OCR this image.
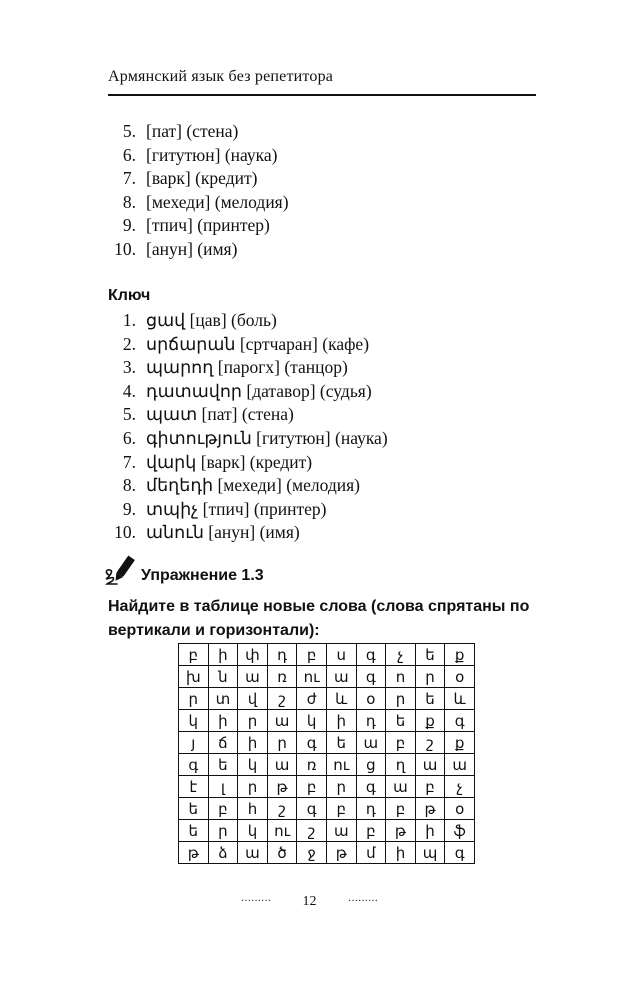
Армянский язык без репетитора
5. [пат] (стена)
6. [гитутюн] (наука)
7. [варк] (кредит)
8. [мехеди] (мелодия)
9. [тпич] (принтер)
10. [анун] (имя)
Ключ
1. ցավ [цав] (боль)
2. սրճարան [сртчаран] (кафе)
3. պարող [парогх] (танцор)
4. դատավոր [датавор] (судья)
5. պատ [пат] (стена)
6. գիտություն [гитутюн] (наука)
7. վարկ [варк] (кредит)
8. մեղեդի [мехеди] (мелодия)
9. տպիչ [тпич] (принтер)
10. անուն [анун] (имя)
Упражнение 1.3
Найдите в таблице новые слова (слова спрятаны по вертикали и горизонтали):
բ	ի	փ	դ	բ	ս	գ	չ	ե	ք
խ	ն	ա	ռ	ու	ա	գ	ո	ր	օ
ր	տ	վ	շ	ժ	և	օ	ր	ե	և
կ	ի	ր	ա	կ	ի	դ	ե	ք	գ
յ	ճ	ի	ր	գ	ե	ա	բ	շ	ք
գ	ե	կ	ա	ռ	ու	ց	ղ	ա	ա
է	լ	ր	թ	բ	ր	գ	ա	բ	չ
ե	բ	հ	շ	գ	բ	դ	բ	թ	օ
ե	ր	կ	ու	շ	ա	բ	թ	ի	ֆ
թ	ձ	ա	ծ	ջ	թ	մ	ի	պ	գ
········· 12	·········
